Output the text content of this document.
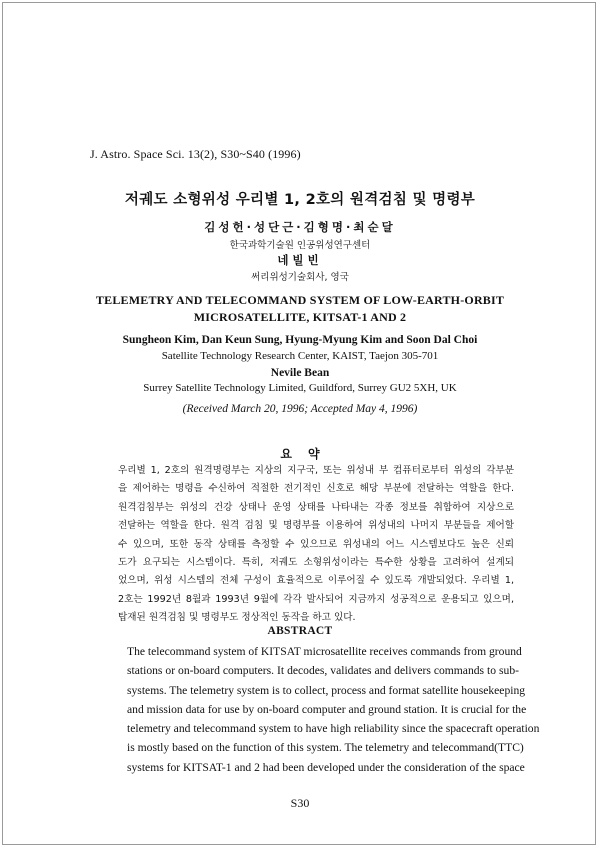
J. Astro. Space Sci. 13(2), S30~S40 (1996)
저궤도 소형위성 우리별 1, 2호의 원격검침 및 명령부
김성헌·성단근·김형명·최순달
한국과학기술원 인공위성연구센터
네빌빈
써리위성기술회사, 영국
TELEMETRY AND TELECOMMAND SYSTEM OF LOW-EARTH-ORBIT
MICROSATELLITE, KITSAT-1 AND 2
Sungheon Kim, Dan Keun Sung, Hyung-Myung Kim and Soon Dal Choi
Satellite Technology Research Center, KAIST, Taejon 305-701
Nevile Bean
Surrey Satellite Technology Limited, Guildford, Surrey GU2 5XH, UK
(Received March 20, 1996; Accepted May 4, 1996)
요약
우리별 1, 2호의 원격명령부는 지상의 지구국, 또는 위성내 부 컴퓨터로부터 위성의 각부분
을 제어하는 명령을 수신하여 적절한 전기적인 신호로 해당 부분에 전달하는 역할을 한다.
원격검침부는 위성의 건강 상태나 운영 상태를 나타내는 각종 정보를 취합하여 지상으로
전달하는 역할을 한다. 원격 검침 및 명령부를 이용하여 위성내의 나머지 부분들을 제어할
수 있으며, 또한 동작 상태를 측정할 수 있으므로 위성내의 어느 시스템보다도 높은 신뢰
도가 요구되는 시스템이다. 특히, 저궤도 소형위성이라는 특수한 상황을 고려하여 설계되
었으며, 위성 시스템의 전체 구성이 효율적으로 이루어질 수 있도록 개발되었다. 우리별 1,
2호는 1992년 8월과 1993년 9월에 각각 발사되어 지금까지 성공적으로 운용되고 있으며,
탑재된 원격검침 및 명령부도 정상적인 동작을 하고 있다.
ABSTRACT
The telecommand system of KITSAT microsatellite receives commands from ground
stations or on-board computers. It decodes, validates and delivers commands to sub-
systems. The telemetry system is to collect, process and format satellite housekeeping
and mission data for use by on-board computer and ground station. It is crucial for the
telemetry and telecommand system to have high reliability since the spacecraft operation
is mostly based on the function of this system. The telemetry and telecommand(TTC)
systems for KITSAT-1 and 2 had been developed under the consideration of the space
S30
